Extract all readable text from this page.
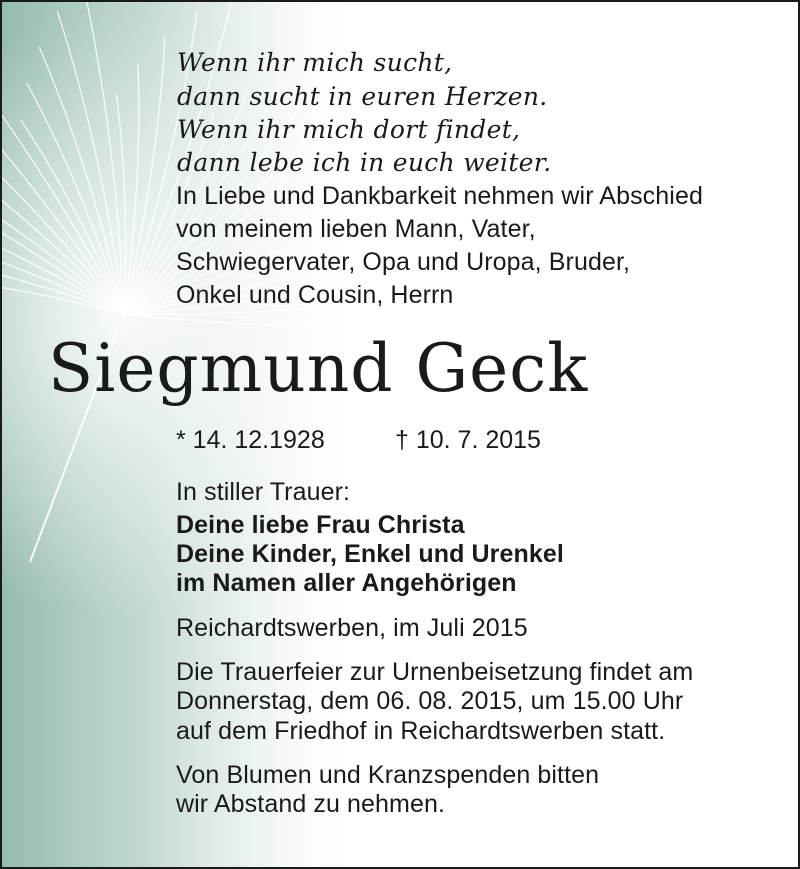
Wenn ihr mich sucht,
dann sucht in euren Herzen.
Wenn ihr mich dort findet,
dann lebe ich in euch weiter.
In Liebe und Dankbarkeit nehmen wir Abschied
von meinem lieben Mann, Vater,
Schwiegervater, Opa und Uropa, Bruder,
Onkel und Cousin, Herrn
Siegmund Geck
* 14. 12.1928	† 10. 7. 2015
In stiller Trauer:
Deine liebe Frau Christa
Deine Kinder, Enkel und Urenkel
im Namen aller Angehörigen
Reichardtswerben, im Juli 2015
Die Trauerfeier zur Urnenbeisetzung findet am
Donnerstag, dem 06. 08. 2015, um 15.00 Uhr
auf dem Friedhof in Reichardtswerben statt.
Von Blumen und Kranzspenden bitten
wir Abstand zu nehmen.
